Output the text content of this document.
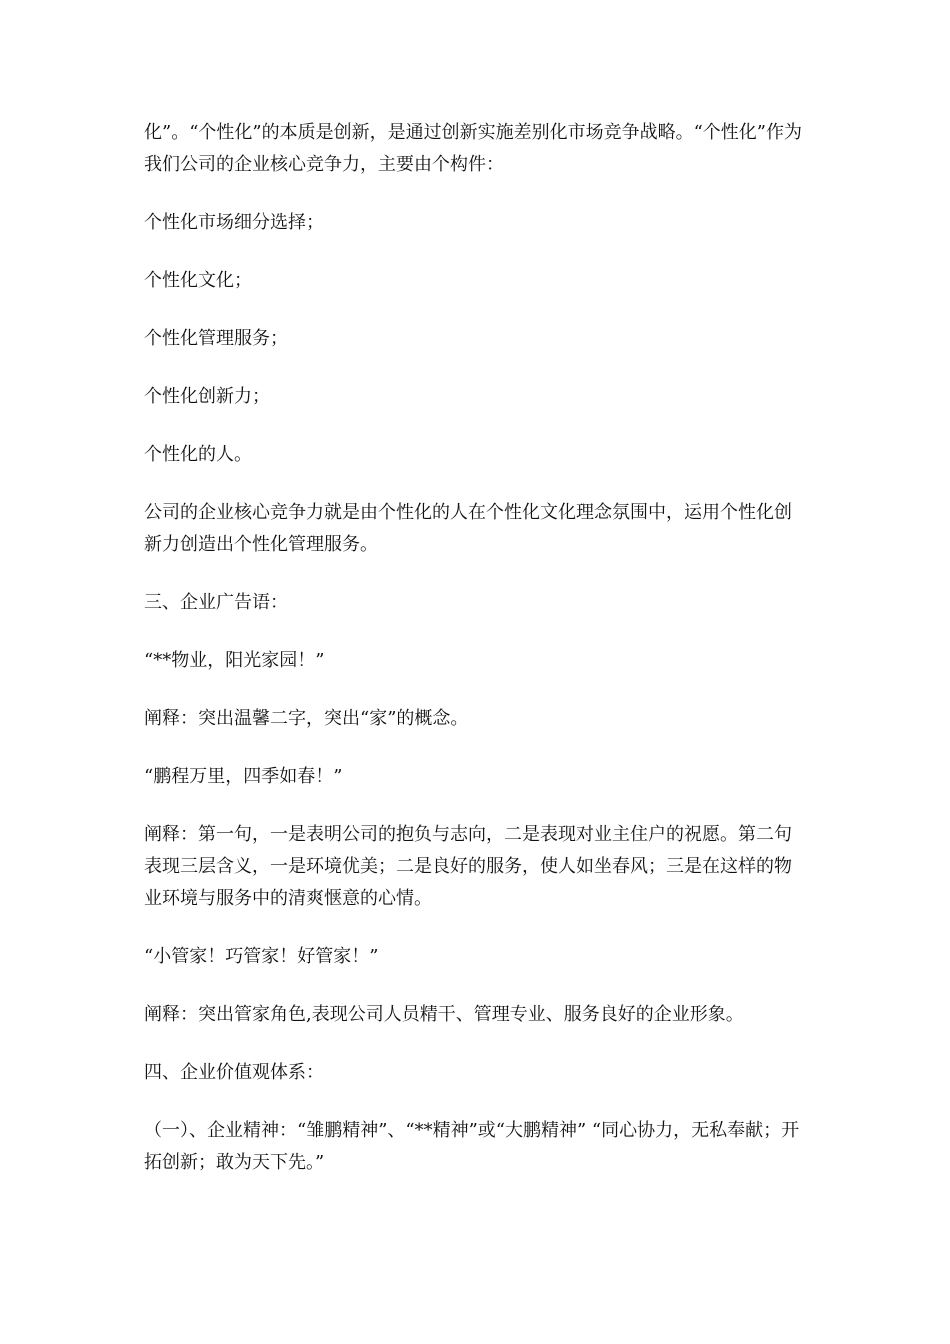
化”。“个性化”的本质是创新，是通过创新实施差别化市场竞争战略。“个性化”作为我们公司的企业核心竞争力，主要由个构件：

个性化市场细分选择；

个性化文化；

个性化管理服务；

个性化创新力；

个性化的人。

公司的企业核心竞争力就是由个性化的人在个性化文化理念氛围中，运用个性化创新力创造出个性化管理服务。

三、企业广告语：

“**物业，阳光家园！”

阐释：突出温馨二字，突出“家”的概念。

“鹏程万里，四季如春！”

阐释：第一句，一是表明公司的抱负与志向，二是表现对业主住户的祝愿。第二句表现三层含义，一是环境优美；二是良好的服务，使人如坐春风；三是在这样的物业环境与服务中的清爽惬意的心情。

“小管家！巧管家！好管家！”

阐释：突出管家角色,表现公司人员精干、管理专业、服务良好的企业形象。

四、企业价值观体系：

（一）、企业精神：“雏鹏精神”、“**精神”或“大鹏精神” “同心协力，无私奉献；开拓创新；敢为天下先。”
